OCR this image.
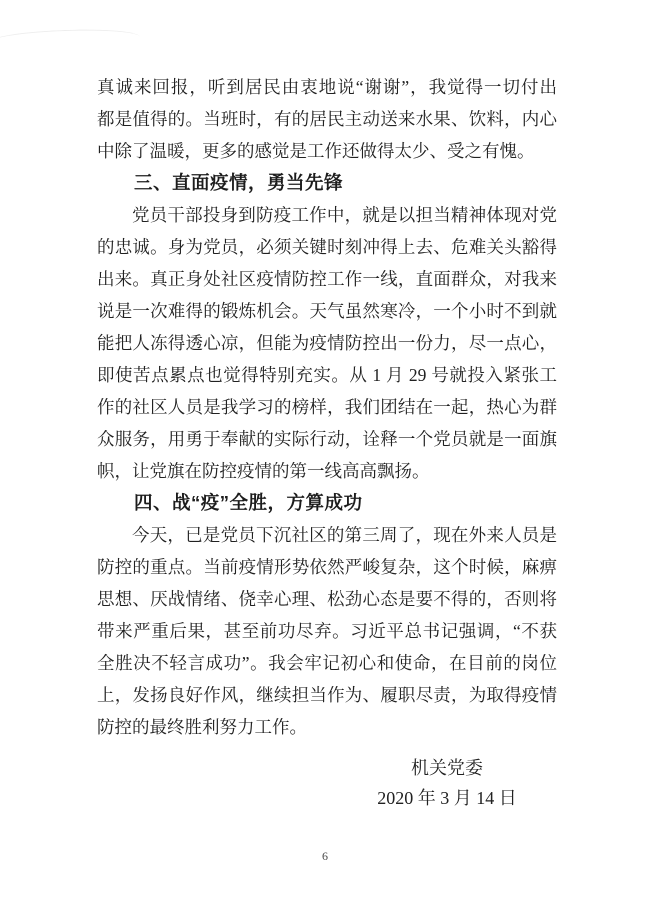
真诚来回报，听到居民由衷地说“谢谢”，我觉得一切付出
都是值得的。当班时，有的居民主动送来水果、饮料，内心
中除了温暖，更多的感觉是工作还做得太少、受之有愧。
三、直面疫情，勇当先锋
党员干部投身到防疫工作中，就是以担当精神体现对党
的忠诚。身为党员，必须关键时刻冲得上去、危难关头豁得
出来。真正身处社区疫情防控工作一线，直面群众，对我来
说是一次难得的锻炼机会。天气虽然寒冷，一个小时不到就
能把人冻得透心凉，但能为疫情防控出一份力，尽一点心，
即使苦点累点也觉得特别充实。从 1 月 29 号就投入紧张工
作的社区人员是我学习的榜样，我们团结在一起，热心为群
众服务，用勇于奉献的实际行动，诠释一个党员就是一面旗
帜，让党旗在防控疫情的第一线高高飘扬。
四、战“疫”全胜，方算成功
今天，已是党员下沉社区的第三周了，现在外来人员是
防控的重点。当前疫情形势依然严峻复杂，这个时候，麻痹
思想、厌战情绪、侥幸心理、松劲心态是要不得的，否则将
带来严重后果，甚至前功尽弃。习近平总书记强调，“不获
全胜决不轻言成功”。我会牢记初心和使命，在目前的岗位
上，发扬良好作风，继续担当作为、履职尽责，为取得疫情
防控的最终胜利努力工作。
机关党委
2020 年 3 月 14 日
6
